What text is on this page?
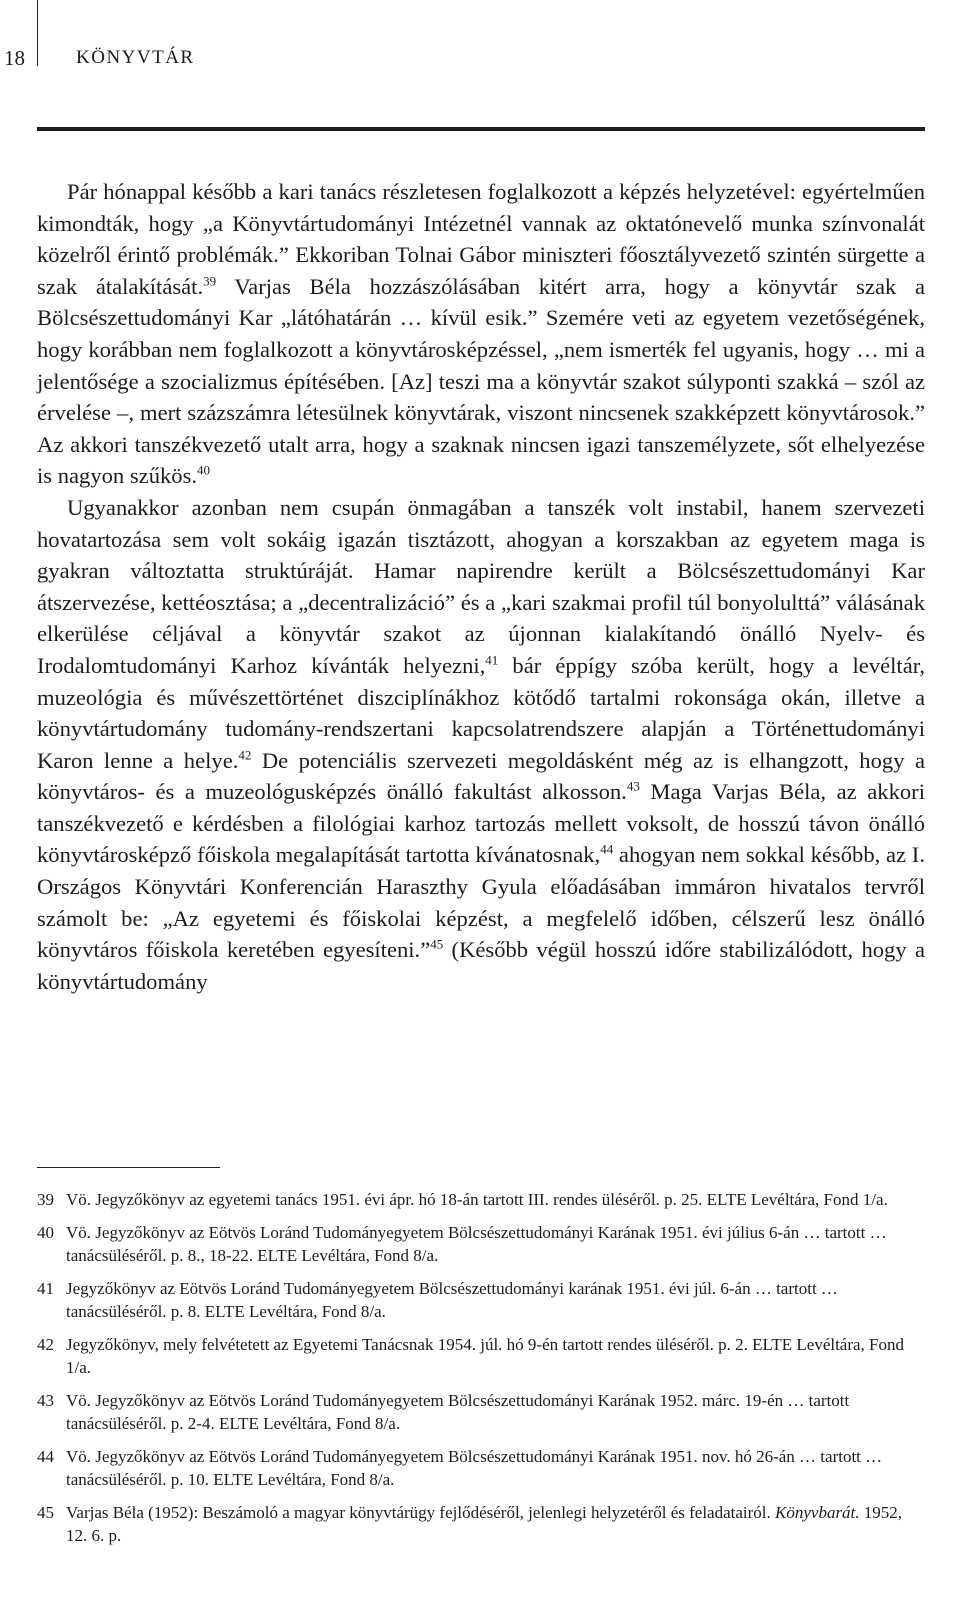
18	KÖNYVTÁR

Pár hónappal később a kari tanács részletesen foglalkozott a képzés helyzetével: egyértelműen kimondták, hogy „a Könyvtártudományi Intézetnél vannak az oktatónevelő munka színvonalát közelről érintő problémák.” Ekkoriban Tolnai Gábor miniszteri főosztályvezető szintén sürgette a szak átalakítását.$^{39}$ Varjas Béla hozzászólásában kitért arra, hogy a könyvtár szak a Bölcsészettudományi Kar „látóhatárán … kívül esik.” Szemére veti az egyetem vezetőségének, hogy korábban nem foglalkozott a könyvtárosképzéssel, „nem ismerték fel ugyanis, hogy … mi a jelentősége a szocializmus építésében. [Az] teszi ma a könyvtár szakot súlyponti szakká – szól az érvelése –, mert százszámra létesülnek könyvtárak, viszont nincsenek szakképzett könyvtárosok.” Az akkori tanszékvezető utalt arra, hogy a szaknak nincsen igazi tanszemélyzete, sőt elhelyezése is nagyon szűkös.$^{40}$

Ugyanakkor azonban nem csupán önmagában a tanszék volt instabil, hanem szervezeti hovatartozása sem volt sokáig igazán tisztázott, ahogyan a korszakban az egyetem maga is gyakran változtatta struktúráját. Hamar napirendre került a Bölcsészettudományi Kar átszervezése, kettéosztása; a „decentralizáció” és a „kari szakmai profil túl bonyolulttá” válásának elkerülése céljával a könyvtár szakot az újonnan kialakítandó önálló Nyelv- és Irodalomtudományi Karhoz kívánták helyezni,$^{41}$ bár éppígy szóba került, hogy a levéltár, muzeológia és művészettörténet diszciplínákhoz kötődő tartalmi rokonsága okán, illetve a könyvtártudomány tudomány-rendszertani kapcsolatrendszere alapján a Történettudományi Karon lenne a helye.$^{42}$ De potenciális szervezeti megoldásként még az is elhangzott, hogy a könyvtáros- és a muzeológusképzés önálló fakultást alkosson.$^{43}$ Maga Varjas Béla, az akkori tanszékvezető e kérdésben a filológiai karhoz tartozás mellett voksolt, de hosszú távon önálló könyvtárosképző főiskola megalapítását tartotta kívánatosnak,$^{44}$ ahogyan nem sokkal később, az I. Országos Könyvtári Konferencián Haraszthy Gyula előadásában immáron hivatalos tervről számolt be: „Az egyetemi és főiskolai képzést, a megfelelő időben, célszerű lesz önálló könyvtáros főiskola keretében egyesíteni.”$^{45}$ (Később végül hosszú időre stabilizálódott, hogy a könyvtártudomány

39 Vö. Jegyzőkönyv az egyetemi tanács 1951. évi ápr. hó 18-án tartott III. rendes üléséről. p. 25. ELTE Levéltára, Fond 1/a.
40 Vö. Jegyzőkönyv az Eötvös Loránd Tudományegyetem Bölcsészettudományi Karának 1951. évi július 6-án … tartott … tanácsüléséről. p. 8., 18-22. ELTE Levéltára, Fond 8/a.
41 Jegyzőkönyv az Eötvös Loránd Tudományegyetem Bölcsészettudományi karának 1951. évi júl. 6-án … tartott … tanácsüléséről. p. 8. ELTE Levéltára, Fond 8/a.
42 Jegyzőkönyv, mely felvétetett az Egyetemi Tanácsnak 1954. júl. hó 9-én tartott rendes üléséről. p. 2. ELTE Levéltára, Fond 1/a.
43 Vö. Jegyzőkönyv az Eötvös Loránd Tudományegyetem Bölcsészettudományi Karának 1952. márc. 19-én … tartott tanácsüléséről. p. 2-4. ELTE Levéltára, Fond 8/a.
44 Vö. Jegyzőkönyv az Eötvös Loránd Tudományegyetem Bölcsészettudományi Karának 1951. nov. hó 26-án … tartott … tanácsüléséről. p. 10. ELTE Levéltára, Fond 8/a.
45 Varjas Béla (1952): Beszámoló a magyar könyvtárügy fejlődéséről, jelenlegi helyzetéről és feladatairól. Könyvbarát. 1952, 12. 6. p.
